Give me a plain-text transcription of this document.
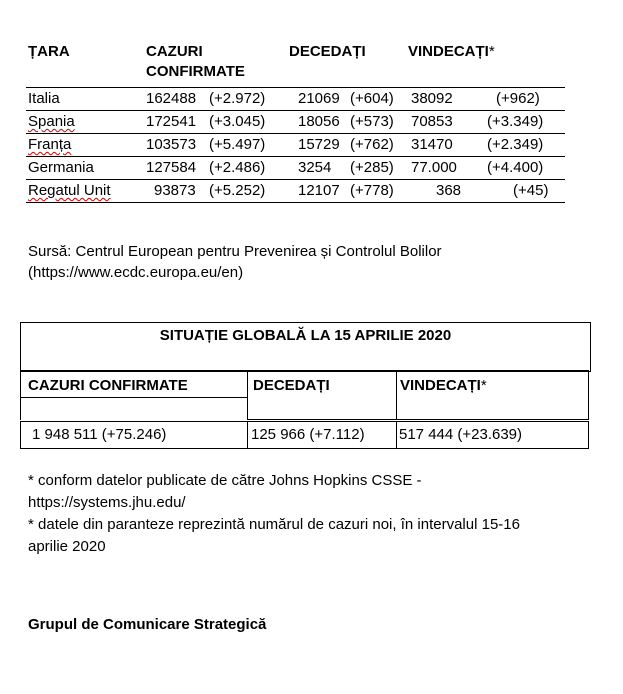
ȚARA	CAZURI
CONFIRMATE
DECEDAȚI	VINDECAȚI*
Italia	162488 (+2.972) 21069 (+604) 38092	(+962)
Spania	172541 (+3.045) 18056 (+573) 70853 (+3.349)
Franța	103573 (+5.497) 15729 (+762) 31470 (+2.349)
Germania	127584 (+2.486) 3254 (+285) 77.000 (+4.400)
Regatul Unit	93873 (+5.252) 12107 (+778)	368	(+45)
Sursă: Centrul European pentru Prevenirea și Controlul Bolilor
(https://www.ecdc.europa.eu/en)
SITUAȚIE GLOBALĂ LA 15 APRILIE 2020
CAZURI CONFIRMATE	DECEDAȚI	VINDECAȚI*
1 948 511 (+75.246)	125 966 (+7.112) 517 444 (+23.639)
* conform datelor publicate de către Johns Hopkins CSSE -
https://systems.jhu.edu/
* datele din paranteze reprezintă numărul de cazuri noi, în intervalul 15-16
aprilie 2020
Grupul de Comunicare Strategică
